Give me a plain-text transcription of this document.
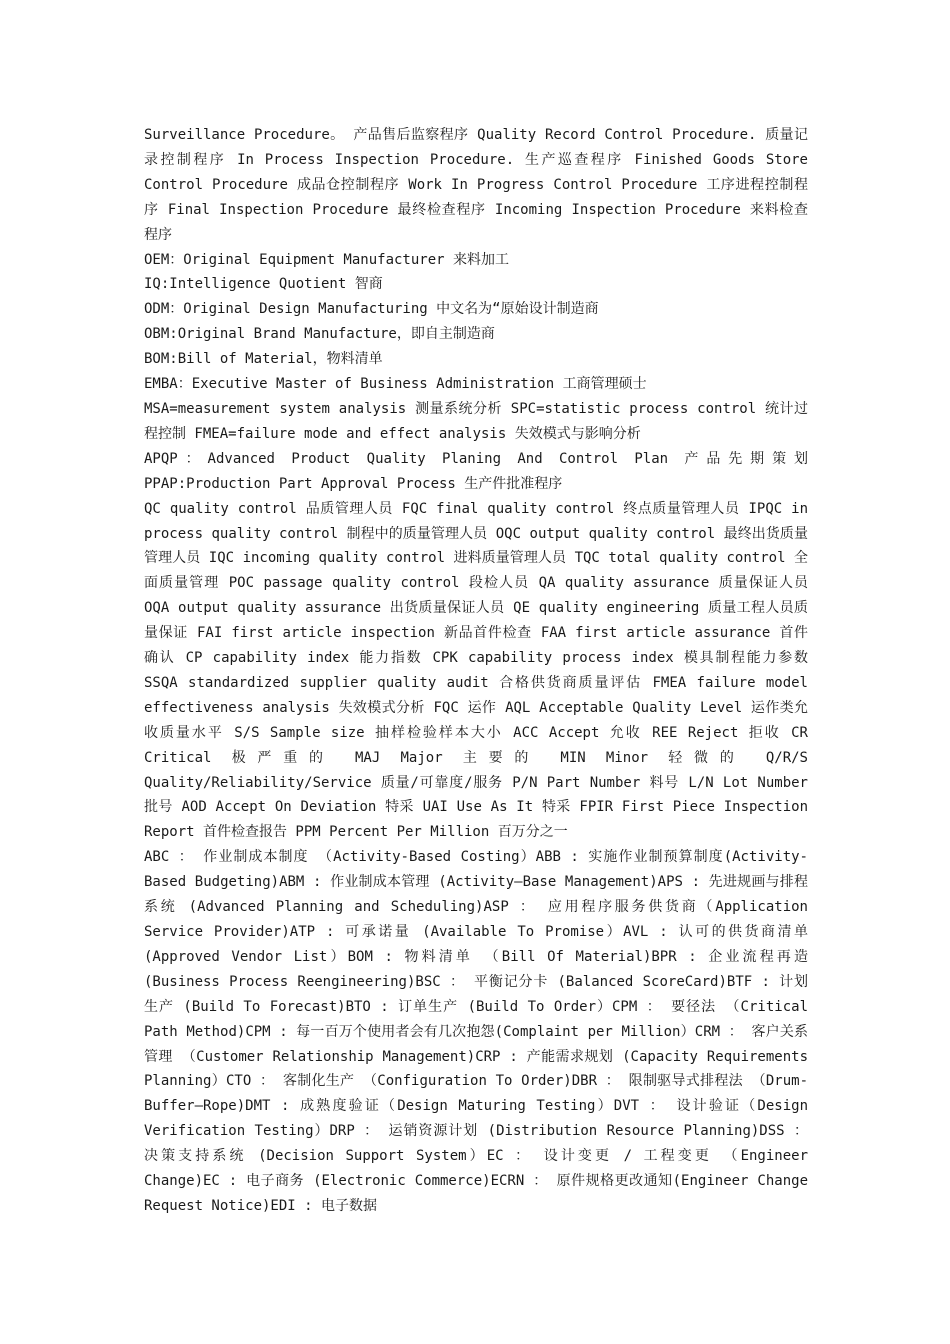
Surveillance Procedure。 产品售后监察程序 Quality Record Control Procedure. 质量记录控制程序 In Process Inspection Procedure. 生产巡查程序 Finished Goods Store Control Procedure 成品仓控制程序 Work In Progress Control Procedure 工序进程控制程序 Final Inspection Procedure 最终检查程序 Incoming Inspection Procedure 来料检查程序

OEM：Original Equipment Manufacturer 来料加工

IQ:Intelligence Quotient 智商

ODM：Original Design Manufacturing 中文名为“原始设计制造商

OBM:Original Brand Manufacture，即自主制造商

BOM:Bill of Material，物料清单

EMBA：Executive Master of Business Administration 工商管理硕士

MSA=measurement system analysis 测量系统分析 SPC=statistic process control 统计过程控制 FMEA=failure mode and effect analysis 失效模式与影响分析

APQP：Advanced Product Quality Planing And Control Plan 产品先期策划 PPAP:Production Part Approval Process 生产件批准程序

QC quality control 品质管理人员 FQC final quality control 终点质量管理人员 IPQC in process quality control 制程中的质量管理人员 OQC output quality control 最终出货质量管理人员 IQC incoming quality control 进料质量管理人员 TQC total quality control 全面质量管理 POC passage quality control 段检人员 QA quality assurance 质量保证人员 OQA output quality assurance 出货质量保证人员 QE quality engineering 质量工程人员质量保证 FAI first article inspection 新品首件检查 FAA first article assurance 首件确认 CP capability index 能力指数 CPK capability process index 模具制程能力参数 SSQA standardized supplier quality audit 合格供货商质量评估 FMEA failure model effectiveness analysis 失效模式分析 FQC 运作 AQL Acceptable Quality Level 运作类允收质量水平 S/S Sample size 抽样检验样本大小 ACC Accept 允收 REE Reject 拒收 CR Critical 极严重的 MAJ Major 主要的 MIN Minor 轻微的 Q/R/S Quality/Reliability/Service 质量/可靠度/服务 P/N Part Number 料号 L/N Lot Number 批号 AOD Accept On Deviation 特采 UAI Use As It 特采 FPIR First Piece Inspection Report 首件检查报告 PPM Percent Per Million 百万分之一

ABC ： 作业制成本制度 （Activity-Based Costing）ABB : 实施作业制预算制度(Activity-Based Budgeting)ABM : 作业制成本管理 (Activity—Base Management)APS : 先进规画与排程系统 (Advanced Planning and Scheduling)ASP ： 应用程序服务供货商（Application Service Provider)ATP : 可承诺量 (Available To Promise）AVL : 认可的供货商清单(Approved Vendor List）BOM : 物料清单 （Bill Of Material)BPR : 企业流程再造 (Business Process Reengineering)BSC ： 平衡记分卡 (Balanced ScoreCard)BTF : 计划生产 (Build To Forecast)BTO : 订单生产 (Build To Order）CPM ： 要径法 （Critical Path Method)CPM : 每一百万个使用者会有几次抱怨(Complaint per Million）CRM ： 客户关系管理 （Customer Relationship Management)CRP : 产能需求规划 (Capacity Requirements Planning）CTO ： 客制化生产 （Configuration To Order)DBR ： 限制驱导式排程法 （Drum-Buffer—Rope)DMT : 成熟度验证（Design Maturing Testing）DVT ： 设计验证（Design Verification Testing）DRP ： 运销资源计划 (Distribution Resource Planning)DSS ： 决策支持系统 (Decision Support System）EC ： 设计变更 / 工程变更 （Engineer Change)EC : 电子商务 (Electronic Commerce)ECRN ： 原件规格更改通知(Engineer Change Request Notice)EDI : 电子数据
